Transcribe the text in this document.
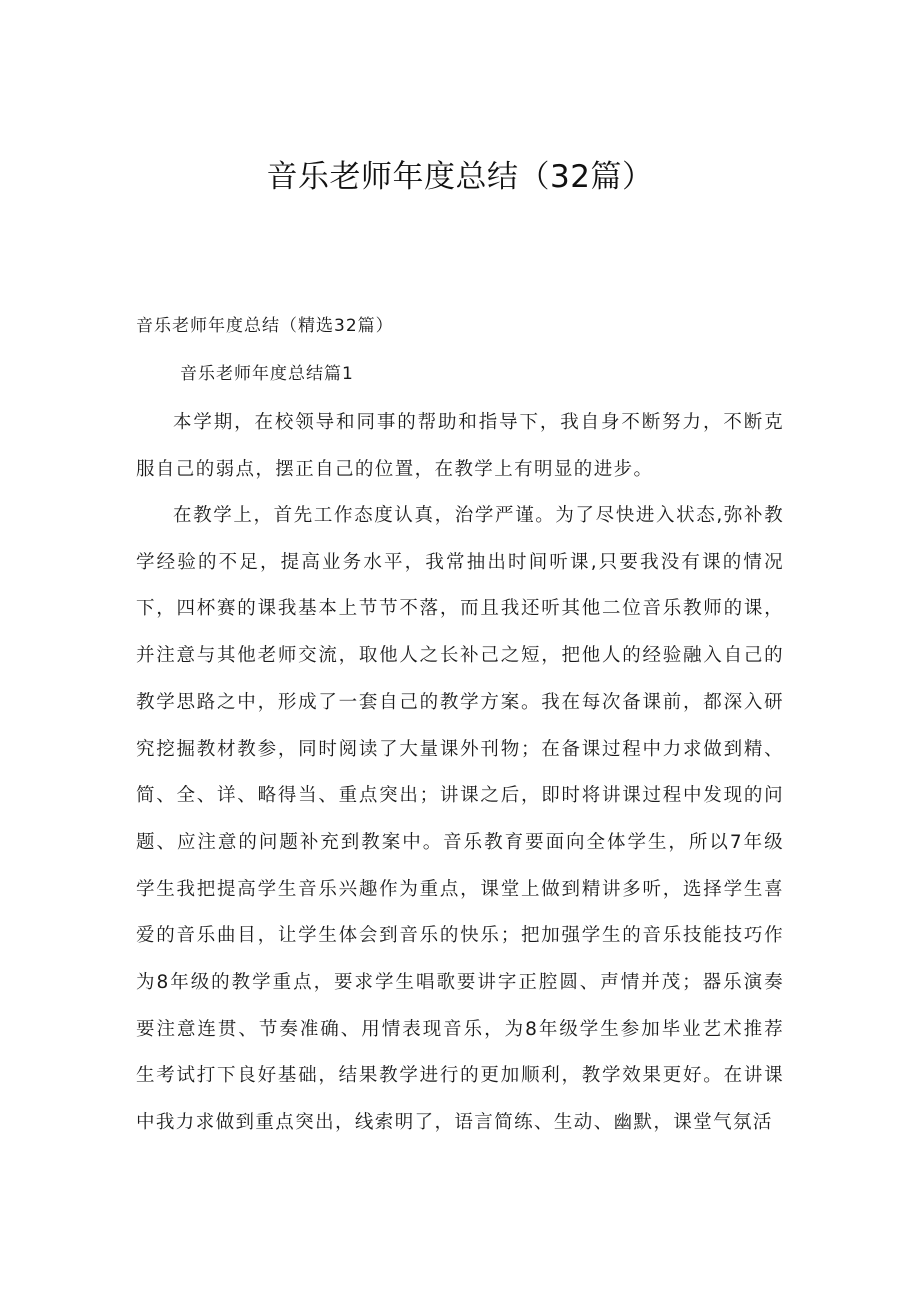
音乐老师年度总结（32篇）
音乐老师年度总结（精选32篇）
音乐老师年度总结篇1

本学期，在校领导和同事的帮助和指导下，我自身不断努力，不断克服自己的弱点，摆正自己的位置，在教学上有明显的进步。

在教学上，首先工作态度认真，治学严谨。为了尽快进入状态,弥补教学经验的不足，提高业务水平，我常抽出时间听课,只要我没有课的情况下，四杯赛的课我基本上节节不落，而且我还听其他二位音乐教师的课，并注意与其他老师交流，取他人之长补己之短，把他人的经验融入自己的教学思路之中，形成了一套自己的教学方案。我在每次备课前，都深入研究挖掘教材教参，同时阅读了大量课外刊物；在备课过程中力求做到精、简、全、详、略得当、重点突出；讲课之后，即时将讲课过程中发现的问题、应注意的问题补充到教案中。音乐教育要面向全体学生，所以7年级学生我把提高学生音乐兴趣作为重点，课堂上做到精讲多听，选择学生喜爱的音乐曲目，让学生体会到音乐的快乐；把加强学生的音乐技能技巧作为8年级的教学重点，要求学生唱歌要讲字正腔圆、声情并茂；器乐演奏要注意连贯、节奏准确、用情表现音乐，为8年级学生参加毕业艺术推荐生考试打下良好基础，结果教学进行的更加顺利，教学效果更好。在讲课中我力求做到重点突出，线索明了，语言简练、生动、幽默，课堂气氛活
